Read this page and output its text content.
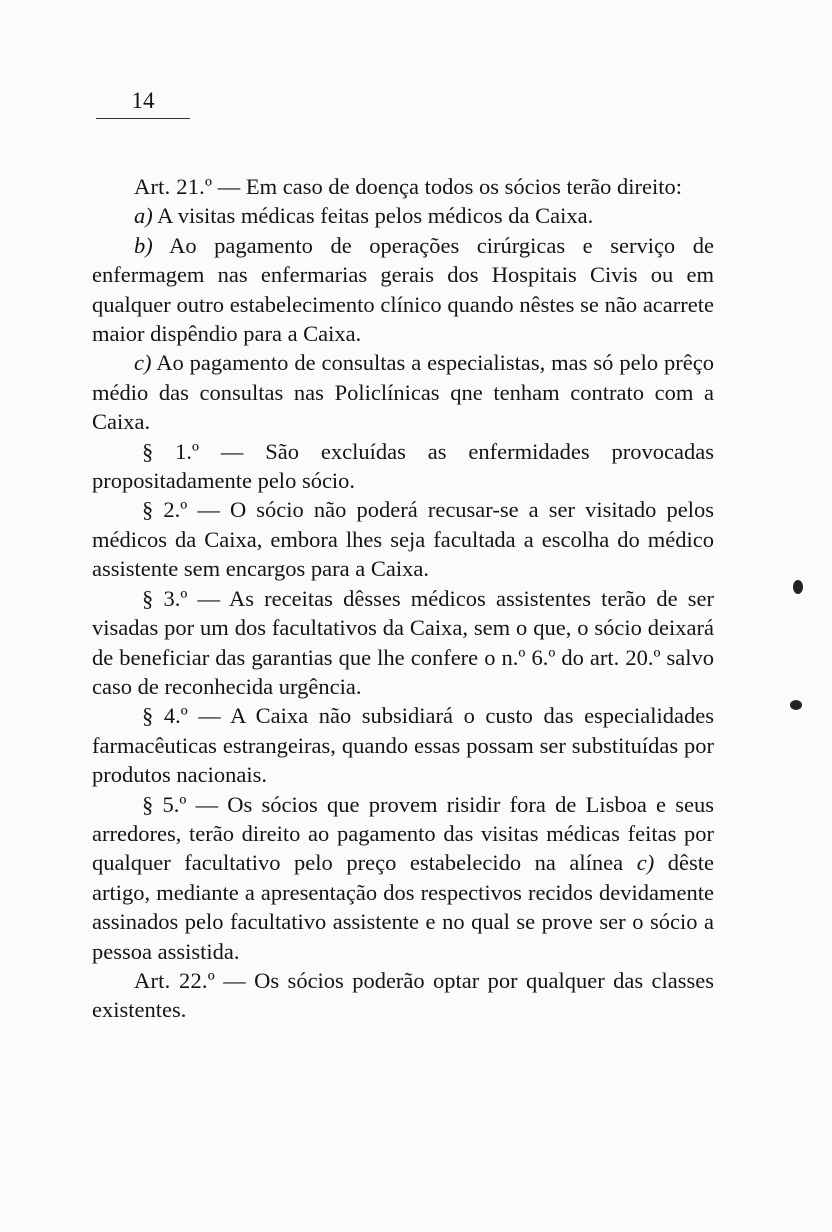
14

Art. 21.º — Em caso de doença todos os sócios terão direito:

a) A visitas médicas feitas pelos médicos da Caixa.

b) Ao pagamento de operações cirúrgicas e serviço de enfermagem nas enfermarias gerais dos Hospitais Civis ou em qualquer outro estabelecimento clínico quando nêstes se não acarrete maior dispêndio para a Caixa.

c) Ao pagamento de consultas a especialistas, mas só pelo prêço médio das consultas nas Policlínicas qne tenham contrato com a Caixa.

§ 1.º — São excluídas as enfermidades provocadas propositadamente pelo sócio.

§ 2.º — O sócio não poderá recusar-se a ser visitado pelos médicos da Caixa, embora lhes seja facultada a escolha do médico assistente sem encargos para a Caixa.

§ 3.º — As receitas dêsses médicos assistentes terão de ser visadas por um dos facultativos da Caixa, sem o que, o sócio deixará de beneficiar das garantias que lhe confere o n.º 6.º do art. 20.º salvo caso de reconhecida urgência.

§ 4.º — A Caixa não subsidiará o custo das especialidades farmacêuticas estrangeiras, quando essas possam ser substituídas por produtos nacionais.

§ 5.º — Os sócios que provem risidir fora de Lisboa e seus arredores, terão direito ao pagamento das visitas médicas feitas por qualquer facultativo pelo preço estabelecido na alínea c) dêste artigo, mediante a apresentação dos respectivos recidos devidamente assinados pelo facultativo assistente e no qual se prove ser o sócio a pessoa assistida.

Art. 22.º — Os sócios poderão optar por qualquer das classes existentes.
